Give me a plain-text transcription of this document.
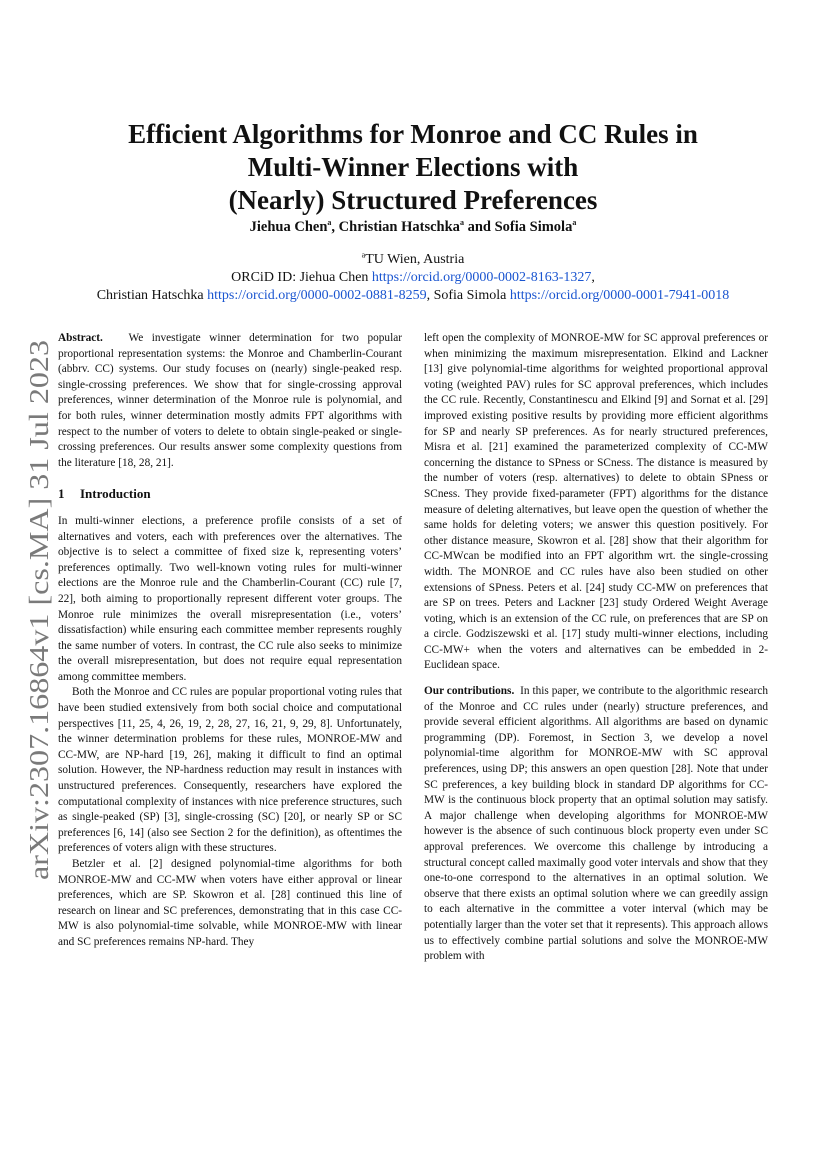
arXiv:2307.16864v1 [cs.MA] 31 Jul 2023
Efficient Algorithms for Monroe and CC Rules in
Multi-Winner Elections with
(Nearly) Structured Preferences
Jiehua Chen$^a$, Christian Hatschka$^a$ and Sofia Simola$^a$
$^a$TU Wien, Austria
ORCiD ID: Jiehua Chen https://orcid.org/0000-0002-8163-1327,
Christian Hatschka https://orcid.org/0000-0002-0881-8259, Sofia Simola https://orcid.org/0000-0001-7941-0018

Abstract. We investigate winner determination for two popular proportional representation systems: the Monroe and Chamberlin-Courant (abbrv. CC) systems. Our study focuses on (nearly) single-peaked resp. single-crossing preferences. We show that for single-crossing approval preferences, winner determination of the Monroe rule is polynomial, and for both rules, winner determination mostly admits FPT algorithms with respect to the number of voters to delete to obtain single-peaked or single-crossing preferences. Our results answer some complexity questions from the literature [18, 28, 21].

1 Introduction

In multi-winner elections, a preference profile consists of a set of alternatives and voters, each with preferences over the alternatives. The objective is to select a committee of fixed size k, representing voters’ preferences optimally. Two well-known voting rules for multi-winner elections are the Monroe rule and the Chamberlin-Courant (CC) rule [7, 22], both aiming to proportionally represent different voter groups. The Monroe rule minimizes the overall misrepresentation (i.e., voters’ dissatisfaction) while ensuring each committee member represents roughly the same number of voters. In contrast, the CC rule also seeks to minimize the overall misrepresentation, but does not require equal representation among committee members.

Both the Monroe and CC rules are popular proportional voting rules that have been studied extensively from both social choice and computational perspectives [11, 25, 4, 26, 19, 2, 28, 27, 16, 21, 9, 29, 8]. Unfortunately, the winner determination problems for these rules, MONROE-MW and CC-MW, are NP-hard [19, 26], making it difficult to find an optimal solution. However, the NP-hardness reduction may result in instances with unstructured preferences. Consequently, researchers have explored the computational complexity of instances with nice preference structures, such as single-peaked (SP) [3], single-crossing (SC) [20], or nearly SP or SC preferences [6, 14] (also see Section 2 for the definition), as oftentimes the preferences of voters align with these structures.

Betzler et al. [2] designed polynomial-time algorithms for both MONROE-MW and CC-MW when voters have either approval or linear preferences, which are SP. Skowron et al. [28] continued this line of research on linear and SC preferences, demonstrating that in this case CC-MW is also polynomial-time solvable, while MONROE-MW with linear and SC preferences remains NP-hard. They

left open the complexity of MONROE-MW for SC approval preferences or when minimizing the maximum misrepresentation. Elkind and Lackner [13] give polynomial-time algorithms for weighted proportional approval voting (weighted PAV) rules for SC approval preferences, which includes the CC rule. Recently, Constantinescu and Elkind [9] and Sornat et al. [29] improved existing positive results by providing more efficient algorithms for SP and nearly SP preferences. As for nearly structured preferences, Misra et al. [21] examined the parameterized complexity of CC-MW concerning the distance to SPness or SCness. The distance is measured by the number of voters (resp. alternatives) to delete to obtain SPness or SCness. They provide fixed-parameter (FPT) algorithms for the distance measure of deleting alternatives, but leave open the question of whether the same holds for deleting voters; we answer this question positively. For other distance measure, Skowron et al. [28] show that their algorithm for CC-MWcan be modified into an FPT algorithm wrt. the single-crossing width. The MONROE and CC rules have also been studied on other extensions of SPness. Peters et al. [24] study CC-MW on preferences that are SP on trees. Peters and Lackner [23] study Ordered Weight Average voting, which is an extension of the CC rule, on preferences that are SP on a circle. Godziszewski et al. [17] study multi-winner elections, including CC-MW+ when the voters and alternatives can be embedded in 2-Euclidean space.

Our contributions. In this paper, we contribute to the algorithmic research of the Monroe and CC rules under (nearly) structure preferences, and provide several efficient algorithms. All algorithms are based on dynamic programming (DP). Foremost, in Section 3, we develop a novel polynomial-time algorithm for MONROE-MW with SC approval preferences, using DP; this answers an open question [28]. Note that under SC preferences, a key building block in standard DP algorithms for CC-MW is the continuous block property that an optimal solution may satisfy. A major challenge when developing algorithms for MONROE-MW however is the absence of such continuous block property even under SC approval preferences. We overcome this challenge by introducing a structural concept called maximally good voter intervals and show that they one-to-one correspond to the alternatives in an optimal solution. We observe that there exists an optimal solution where we can greedily assign to each alternative in the committee a voter interval (which may be potentially larger than the voter set that it represents). This approach allows us to effectively combine partial solutions and solve the MONROE-MW problem with
